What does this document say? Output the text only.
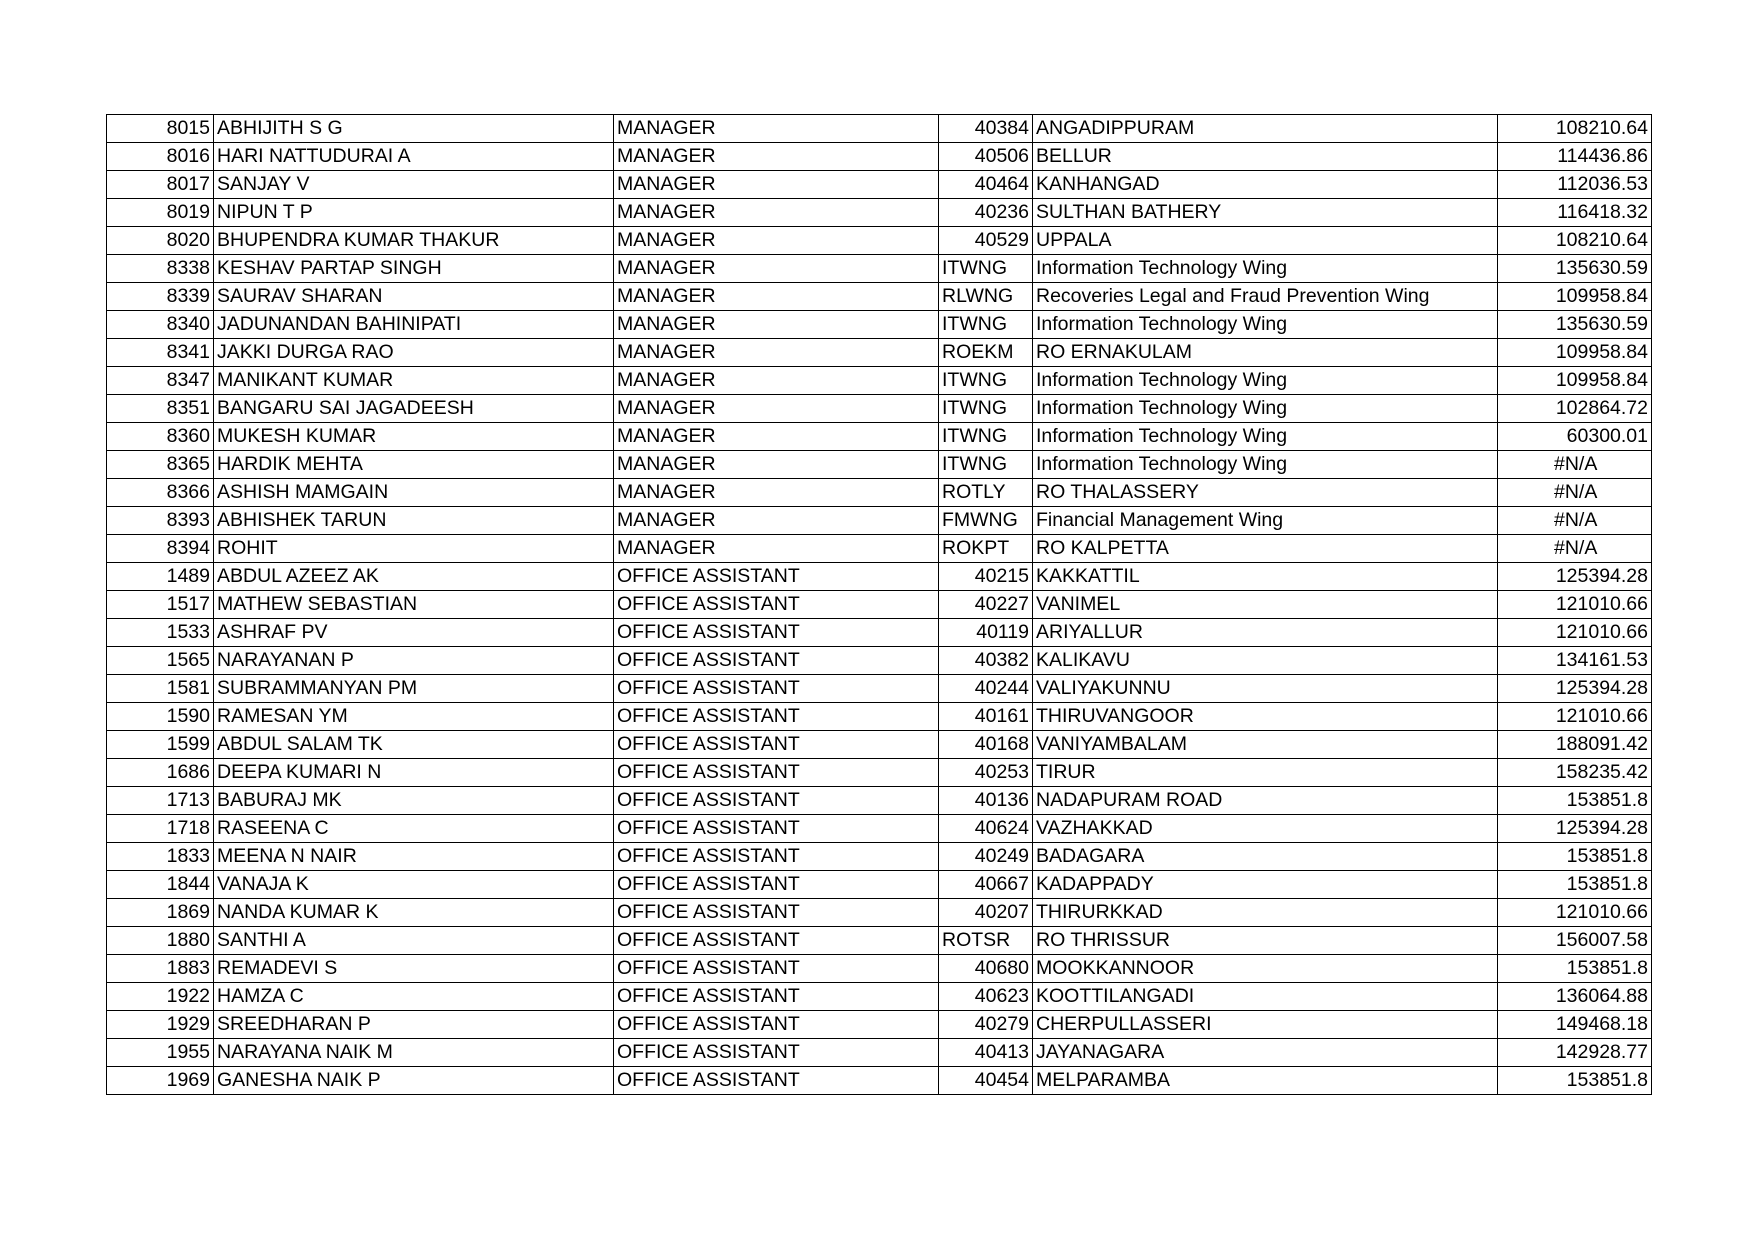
8015	ABHIJITH S G	MANAGER	40384	ANGADIPPURAM	108210.64
8016	HARI NATTUDURAI A	MANAGER	40506	BELLUR	114436.86
8017	SANJAY V	MANAGER	40464	KANHANGAD	112036.53
8019	NIPUN T P	MANAGER	40236	SULTHAN BATHERY	116418.32
8020	BHUPENDRA KUMAR THAKUR	MANAGER	40529	UPPALA	108210.64
8338	KESHAV PARTAP SINGH	MANAGER	ITWNG	Information Technology Wing	135630.59
8339	SAURAV SHARAN	MANAGER	RLWNG	Recoveries Legal and Fraud Prevention Wing	109958.84
8340	JADUNANDAN BAHINIPATI	MANAGER	ITWNG	Information Technology Wing	135630.59
8341	JAKKI DURGA RAO	MANAGER	ROEKM	RO ERNAKULAM	109958.84
8347	MANIKANT KUMAR	MANAGER	ITWNG	Information Technology Wing	109958.84
8351	BANGARU SAI JAGADEESH	MANAGER	ITWNG	Information Technology Wing	102864.72
8360	MUKESH KUMAR	MANAGER	ITWNG	Information Technology Wing	60300.01
8365	HARDIK MEHTA	MANAGER	ITWNG	Information Technology Wing	#N/A
8366	ASHISH MAMGAIN	MANAGER	ROTLY	RO THALASSERY	#N/A
8393	ABHISHEK TARUN	MANAGER	FMWNG	Financial Management Wing	#N/A
8394	ROHIT	MANAGER	ROKPT	RO KALPETTA	#N/A
1489	ABDUL AZEEZ AK	OFFICE ASSISTANT	40215	KAKKATTIL	125394.28
1517	MATHEW SEBASTIAN	OFFICE ASSISTANT	40227	VANIMEL	121010.66
1533	ASHRAF PV	OFFICE ASSISTANT	40119	ARIYALLUR	121010.66
1565	NARAYANAN P	OFFICE ASSISTANT	40382	KALIKAVU	134161.53
1581	SUBRAMMANYAN PM	OFFICE ASSISTANT	40244	VALIYAKUNNU	125394.28
1590	RAMESAN YM	OFFICE ASSISTANT	40161	THIRUVANGOOR	121010.66
1599	ABDUL SALAM TK	OFFICE ASSISTANT	40168	VANIYAMBALAM	188091.42
1686	DEEPA KUMARI N	OFFICE ASSISTANT	40253	TIRUR	158235.42
1713	BABURAJ MK	OFFICE ASSISTANT	40136	NADAPURAM ROAD	153851.8
1718	RASEENA C	OFFICE ASSISTANT	40624	VAZHAKKAD	125394.28
1833	MEENA N NAIR	OFFICE ASSISTANT	40249	BADAGARA	153851.8
1844	VANAJA K	OFFICE ASSISTANT	40667	KADAPPADY	153851.8
1869	NANDA KUMAR K	OFFICE ASSISTANT	40207	THIRURKKAD	121010.66
1880	SANTHI A	OFFICE ASSISTANT	ROTSR	RO THRISSUR	156007.58
1883	REMADEVI S	OFFICE ASSISTANT	40680	MOOKKANNOOR	153851.8
1922	HAMZA C	OFFICE ASSISTANT	40623	KOOTTILANGADI	136064.88
1929	SREEDHARAN P	OFFICE ASSISTANT	40279	CHERPULLASSERI	149468.18
1955	NARAYANA NAIK M	OFFICE ASSISTANT	40413	JAYANAGARA	142928.77
1969	GANESHA NAIK P	OFFICE ASSISTANT	40454	MELPARAMBA	153851.8
